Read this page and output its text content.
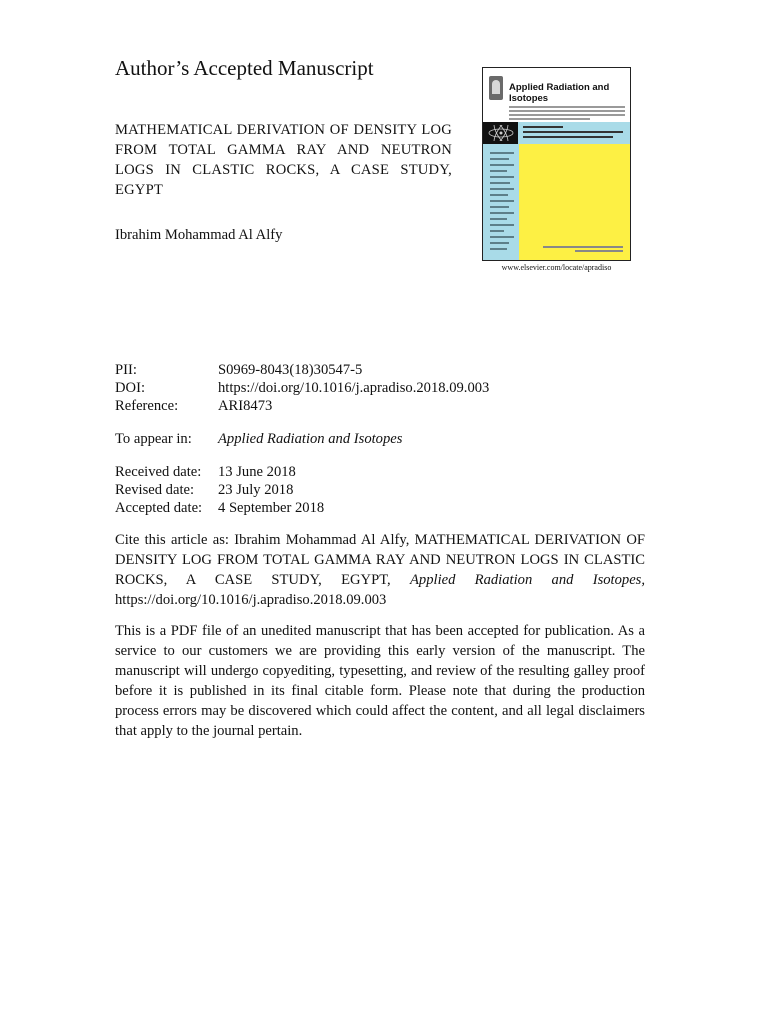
Author’s Accepted Manuscript
MATHEMATICAL DERIVATION OF DENSITY LOG FROM TOTAL GAMMA RAY AND NEUTRON LOGS IN CLASTIC ROCKS, A CASE STUDY, EGYPT
Ibrahim Mohammad Al Alfy
Applied Radiation and Isotopes
www.elsevier.com/locate/apradiso
PII:	S0969-8043(18)30547-5
DOI:	https://doi.org/10.1016/j.apradiso.2018.09.003
Reference:	ARI8473
To appear in: Applied Radiation and Isotopes
Received date: 13 June 2018
Revised date: 23 July 2018
Accepted date: 4 September 2018
Cite this article as: Ibrahim Mohammad Al Alfy, MATHEMATICAL DERIVATION OF DENSITY LOG FROM TOTAL GAMMA RAY AND NEUTRON LOGS IN CLASTIC ROCKS, A CASE STUDY, EGYPT, Applied Radiation and Isotopes, https://doi.org/10.1016/j.apradiso.2018.09.003
This is a PDF file of an unedited manuscript that has been accepted for publication. As a service to our customers we are providing this early version of the manuscript. The manuscript will undergo copyediting, typesetting, and review of the resulting galley proof before it is published in its final citable form. Please note that during the production process errors may be discovered which could affect the content, and all legal disclaimers that apply to the journal pertain.
